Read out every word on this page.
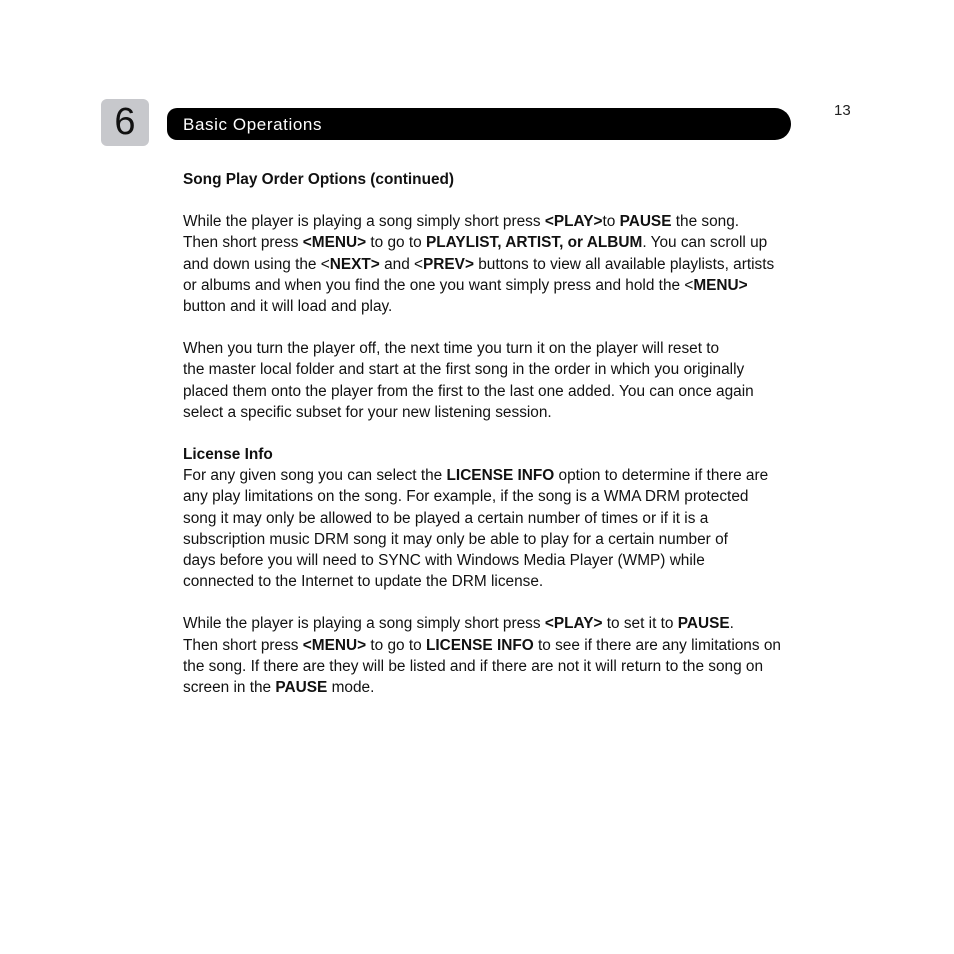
6	Basic Operations
13

Song Play Order Options (continued)

While the player is playing a song simply short press <PLAY>to PAUSE the song.
Then short press <MENU> to go to PLAYLIST, ARTIST, or ALBUM. You can scroll up
and down using the <NEXT> and <PREV> buttons to view all available playlists, artists
or albums and when you find the one you want simply press and hold the <MENU>
button and it will load and play.

When you turn the player off, the next time you turn it on the player will reset to
the master local folder and start at the first song in the order in which you originally
placed them onto the player from the first to the last one added. You can once again
select a specific subset for your new listening session.

License Info

For any given song you can select the LICENSE INFO option to determine if there are
any play limitations on the song. For example, if the song is a WMA DRM protected
song it may only be allowed to be played a certain number of times or if it is a
subscription music DRM song it may only be able to play for a certain number of
days before you will need to SYNC with Windows Media Player (WMP) while
connected to the Internet to update the DRM license.

While the player is playing a song simply short press <PLAY> to set it to PAUSE.
Then short press <MENU> to go to LICENSE INFO to see if there are any limitations on
the song. If there are they will be listed and if there are not it will return to the song on
screen in the PAUSE mode.
